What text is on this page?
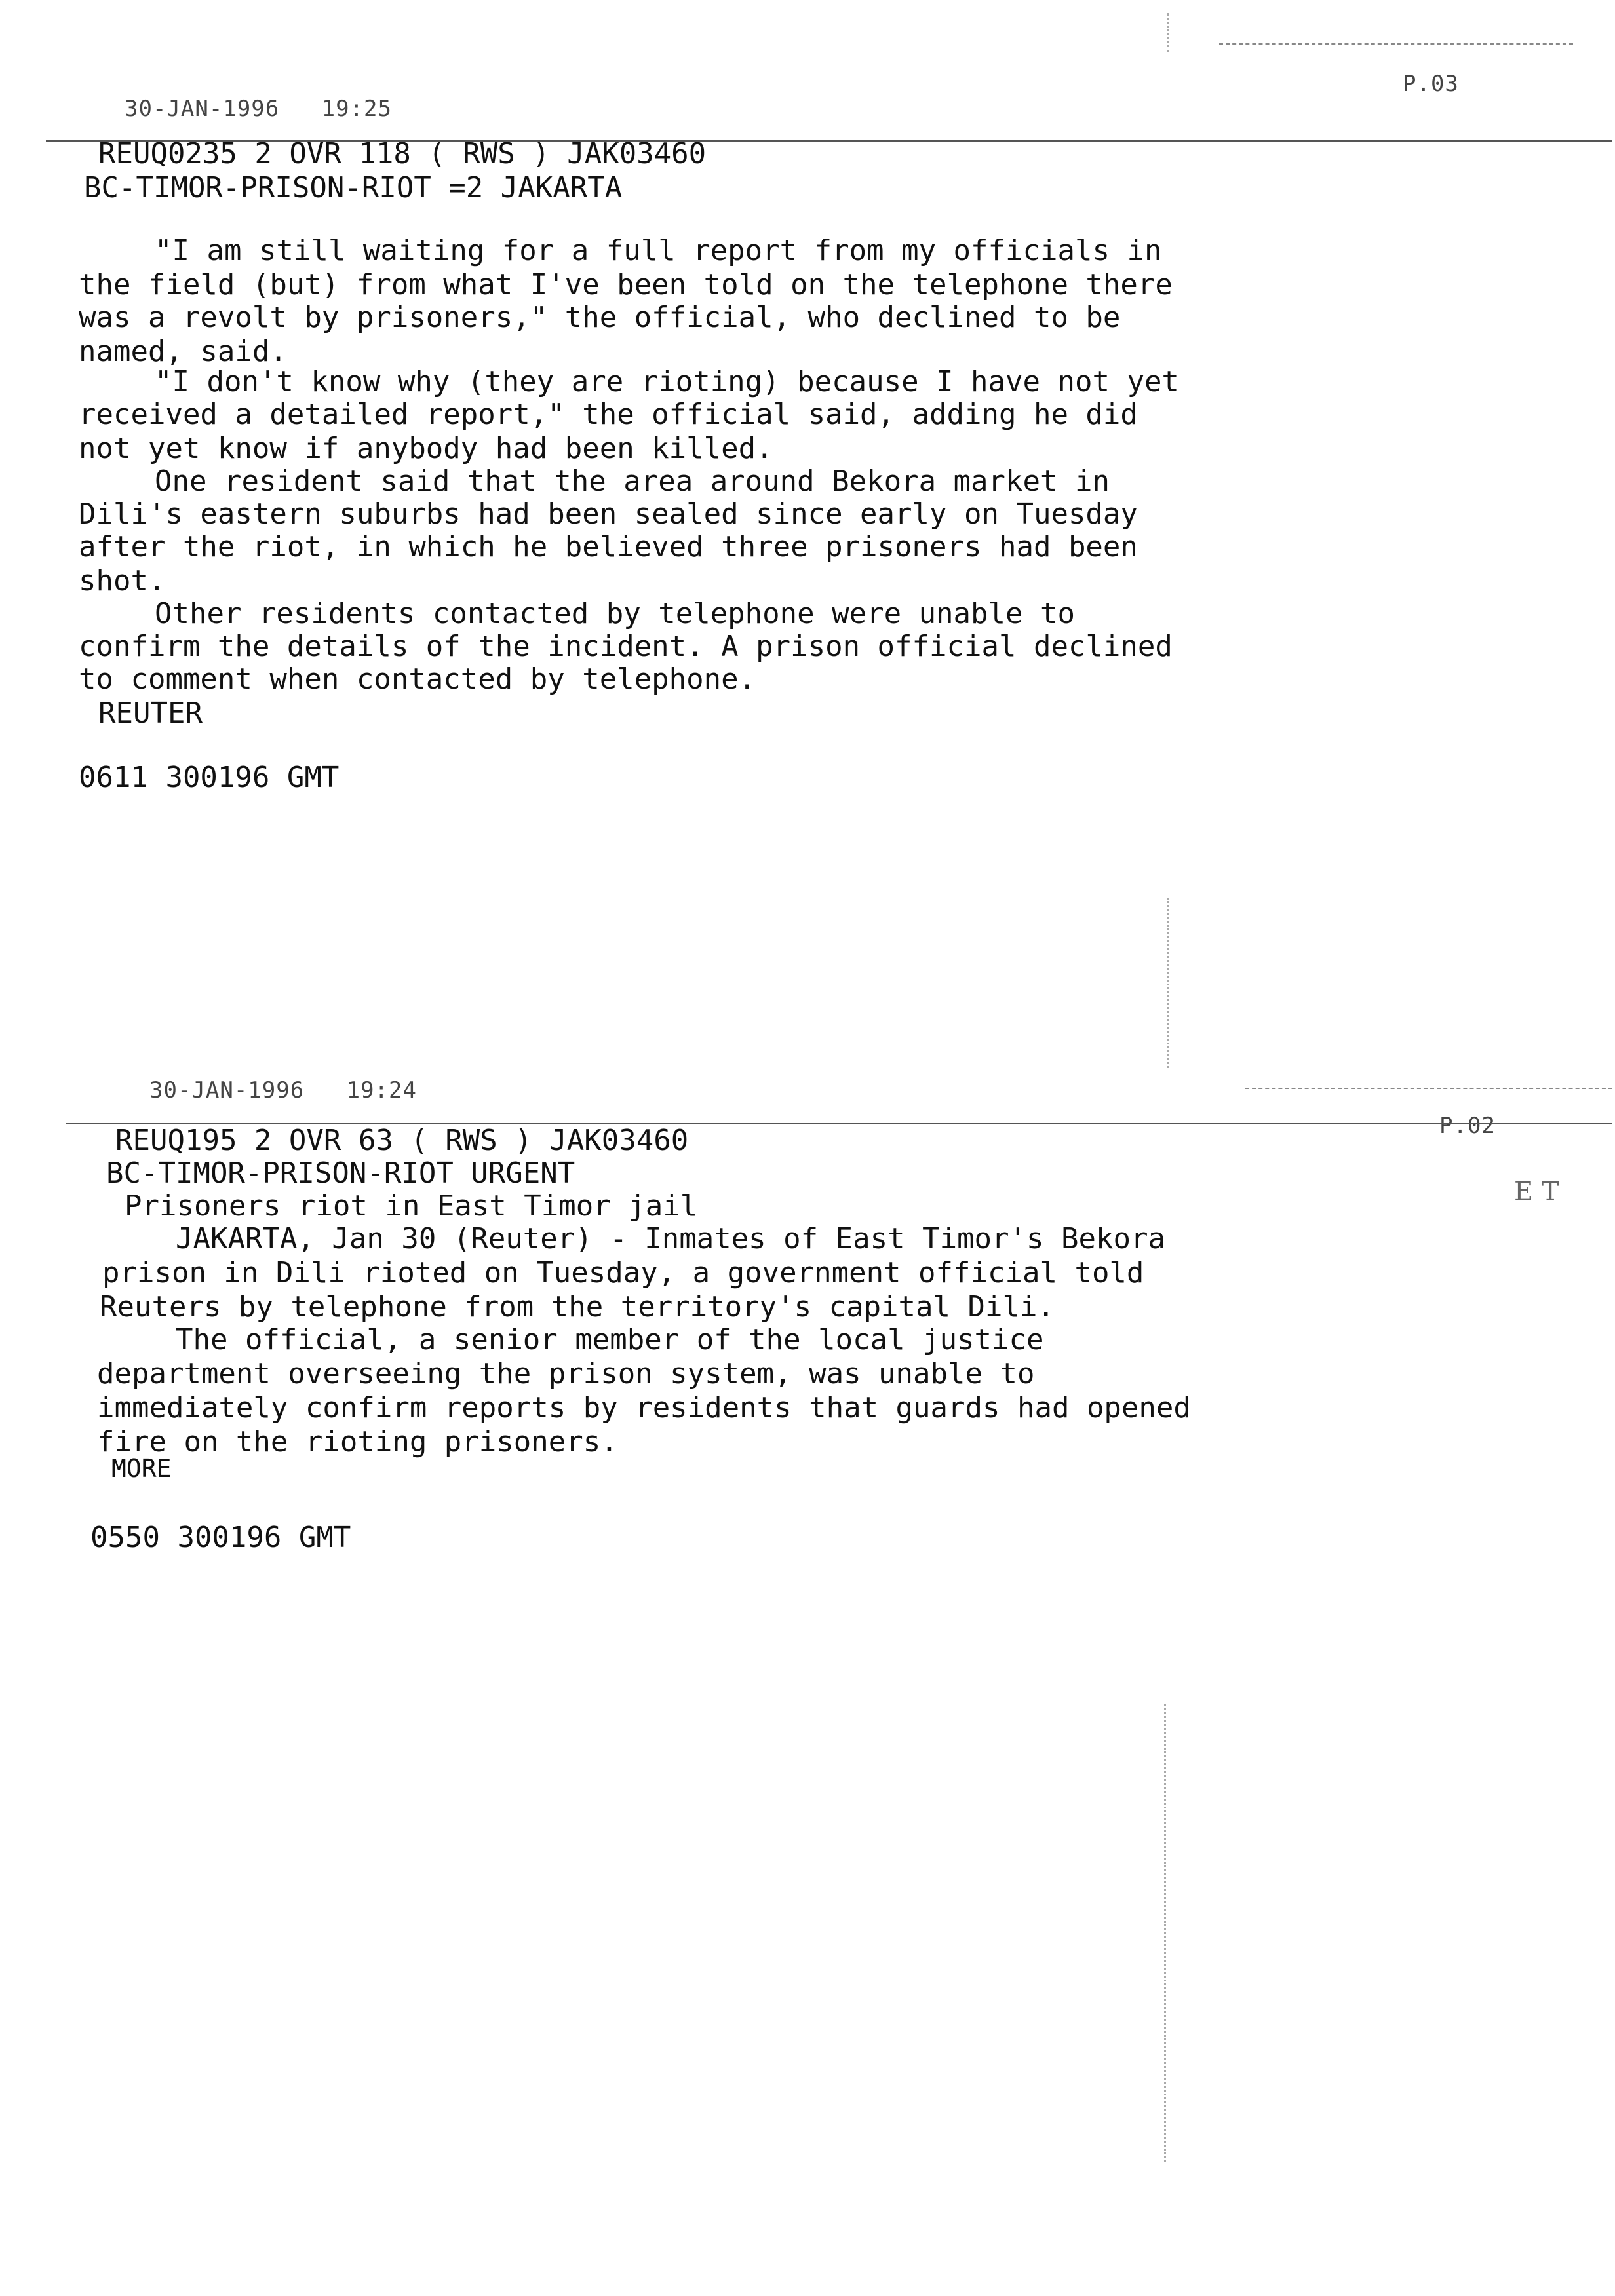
30-JAN-1996 19:25
P.03
REUQ0235 2 OVR 118 ( RWS ) JAK03460
BC-TIMOR-PRISON-RIOT =2 JAKARTA
"I am still waiting for a full report from my officials in
the field (but) from what I've been told on the telephone there
was a revolt by prisoners," the official, who declined to be
named, said.
"I don't know why (they are rioting) because I have not yet
received a detailed report," the official said, adding he did
not yet know if anybody had been killed.
One resident said that the area around Bekora market in
Dili's eastern suburbs had been sealed since early on Tuesday
after the riot, in which he believed three prisoners had been
shot.
Other residents contacted by telephone were unable to
confirm the details of the incident. A prison official declined
to comment when contacted by telephone.
REUTER
0611 300196 GMT
30-JAN-1996 19:24
P.02
REUQ195 2 OVR 63 ( RWS ) JAK03460
BC-TIMOR-PRISON-RIOT URGENT
Prisoners riot in East Timor jail
JAKARTA, Jan 30 (Reuter) - Inmates of East Timor's Bekora
prison in Dili rioted on Tuesday, a government official told
Reuters by telephone from the territory's capital Dili.
The official, a senior member of the local justice
department overseeing the prison system, was unable to
immediately confirm reports by residents that guards had opened
fire on the rioting prisoners.
MORE
0550 300196 GMT
E T
